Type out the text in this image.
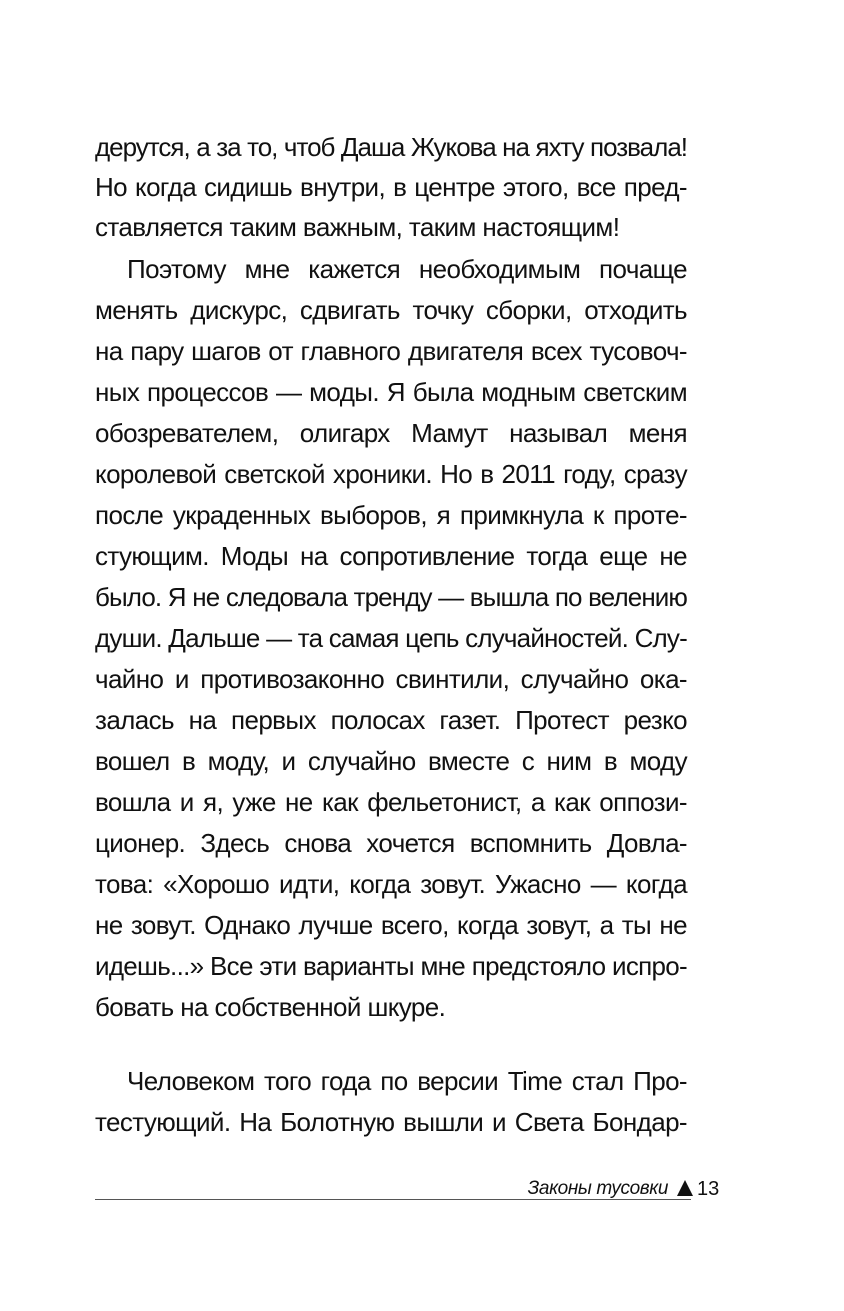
дерутся, а за то, чтоб Даша Жукова на яхту позвала!
Но когда сидишь внутри, в центре этого, все пред-
ставляется таким важным, таким настоящим!
Поэтому мне кажется необходимым почаще
менять дискурс, сдвигать точку сборки, отходить
на пару шагов от главного двигателя всех тусовоч-
ных процессов — моды. Я была модным светским
обозревателем, олигарх Мамут называл меня
королевой светской хроники. Но в 2011 году, сразу
после украденных выборов, я примкнула к проте-
стующим. Моды на сопротивление тогда еще не
было. Я не следовала тренду — вышла по велению
души. Дальше — та самая цепь случайностей. Слу-
чайно и противозаконно свинтили, случайно ока-
залась на первых полосах газет. Протест резко
вошел в моду, и случайно вместе с ним в моду
вошла и я, уже не как фельетонист, а как оппози-
ционер. Здесь снова хочется вспомнить Довла-
това: «Хорошо идти, когда зовут. Ужасно — когда
не зовут. Однако лучше всего, когда зовут, а ты не
идешь...» Все эти варианты мне предстояло испро-
бовать на собственной шкуре.
Человеком того года по версии Time стал Про-
тестующий. На Болотную вышли и Света Бондар-
Законы тусовки 13
